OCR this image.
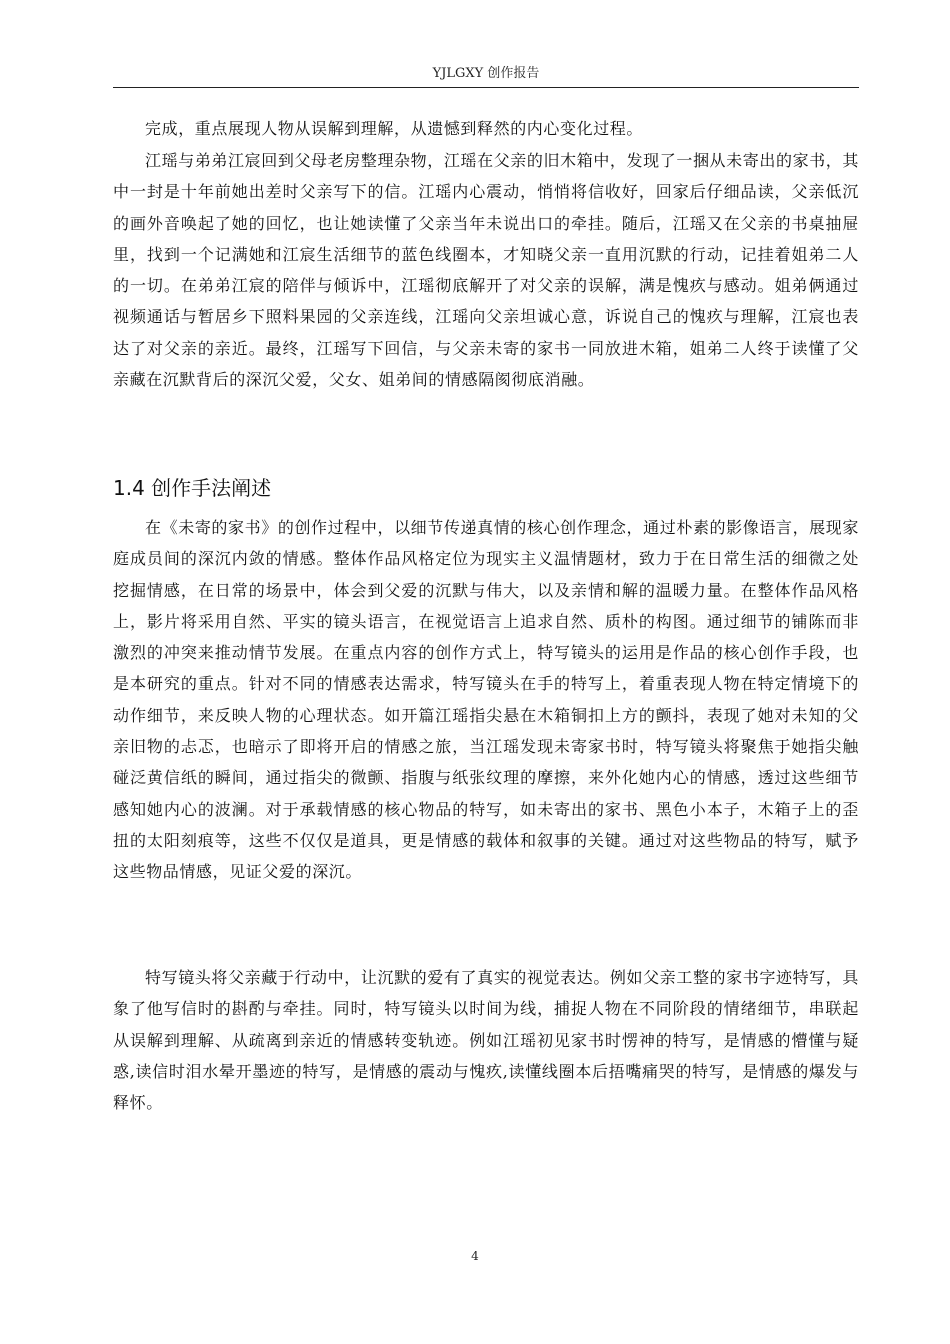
YJLGXY 创作报告

完成，重点展现人物从误解到理解，从遗憾到释然的内心变化过程。

江瑶与弟弟江宸回到父母老房整理杂物，江瑶在父亲的旧木箱中，发现了一捆从未寄出的家书，其中一封是十年前她出差时父亲写下的信。江瑶内心震动，悄悄将信收好，回家后仔细品读，父亲低沉的画外音唤起了她的回忆，也让她读懂了父亲当年未说出口的牵挂。随后，江瑶又在父亲的书桌抽屉里，找到一个记满她和江宸生活细节的蓝色线圈本，才知晓父亲一直用沉默的行动，记挂着姐弟二人的一切。在弟弟江宸的陪伴与倾诉中，江瑶彻底解开了对父亲的误解，满是愧疚与感动。姐弟俩通过视频通话与暂居乡下照料果园的父亲连线，江瑶向父亲坦诚心意，诉说自己的愧疚与理解，江宸也表达了对父亲的亲近。最终，江瑶写下回信，与父亲未寄的家书一同放进木箱，姐弟二人终于读懂了父亲藏在沉默背后的深沉父爱，父女、姐弟间的情感隔阂彻底消融。

1.4 创作手法阐述

在《未寄的家书》的创作过程中，以细节传递真情的核心创作理念，通过朴素的影像语言，展现家庭成员间的深沉内敛的情感。整体作品风格定位为现实主义温情题材，致力于在日常生活的细微之处挖掘情感，在日常的场景中，体会到父爱的沉默与伟大，以及亲情和解的温暖力量。在整体作品风格上，影片将采用自然、平实的镜头语言，在视觉语言上追求自然、质朴的构图。通过细节的铺陈而非激烈的冲突来推动情节发展。在重点内容的创作方式上，特写镜头的运用是作品的核心创作手段，也是本研究的重点。针对不同的情感表达需求，特写镜头在手的特写上，着重表现人物在特定情境下的动作细节，来反映人物的心理状态。如开篇江瑶指尖悬在木箱铜扣上方的颤抖，表现了她对未知的父亲旧物的忐忑，也暗示了即将开启的情感之旅，当江瑶发现未寄家书时，特写镜头将聚焦于她指尖触碰泛黄信纸的瞬间，通过指尖的微颤、指腹与纸张纹理的摩擦，来外化她内心的情感，透过这些细节感知她内心的波澜。对于承载情感的核心物品的特写，如未寄出的家书、黑色小本子，木箱子上的歪扭的太阳刻痕等，这些不仅仅是道具，更是情感的载体和叙事的关键。通过对这些物品的特写，赋予这些物品情感，见证父爱的深沉。

特写镜头将父亲藏于行动中，让沉默的爱有了真实的视觉表达。例如父亲工整的家书字迹特写，具象了他写信时的斟酌与牵挂。同时，特写镜头以时间为线，捕捉人物在不同阶段的情绪细节，串联起从误解到理解、从疏离到亲近的情感转变轨迹。例如江瑶初见家书时愣神的特写，是情感的懵懂与疑惑,读信时泪水晕开墨迹的特写，是情感的震动与愧疚,读懂线圈本后捂嘴痛哭的特写，是情感的爆发与释怀。

4
